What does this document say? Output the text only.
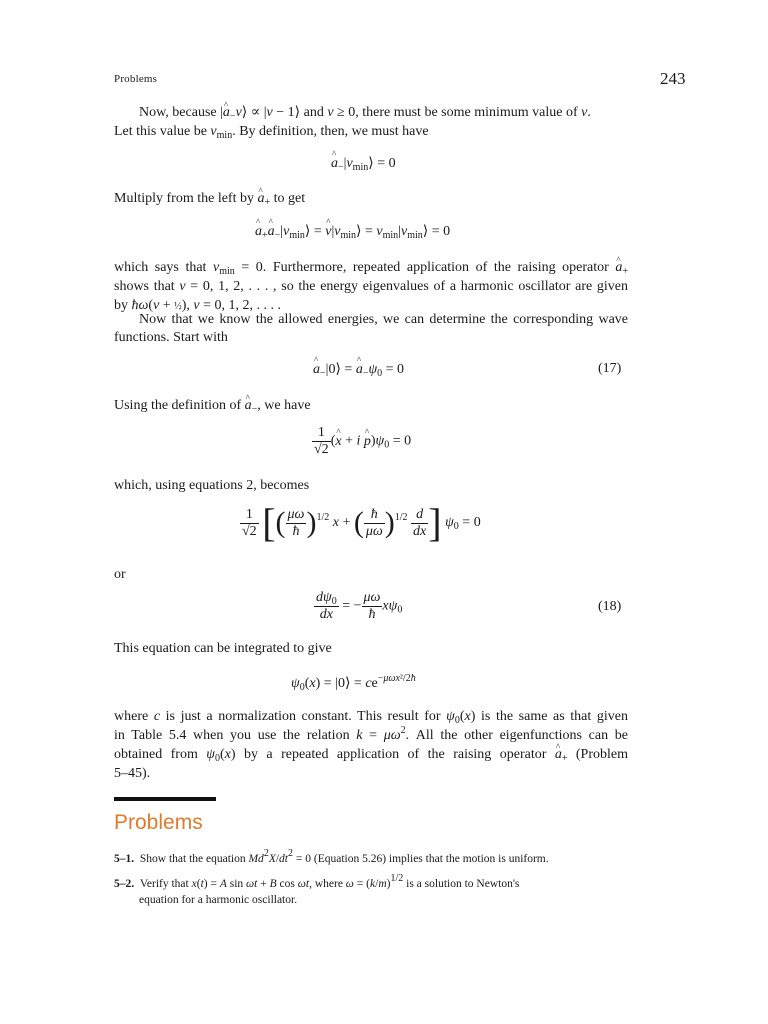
Problems	243
Now, because |^ $a_-v⟩ \propto |v$ − 1⟩ and v ≥ 0, there must be some minimum value of v.
Let this value be $v_{min}$. By definition, then, we must have
^ $a_-|v_{min}⟩ = 0$
Multiply from the left by ^ $a_+$ to get
^ $a_+\^{}$ $a_-|v_{min}⟩$ = ^ $v|v_{min}⟩$ = $v_{min}|v_{min}⟩ = 0$
which says that $v_{min} = 0$. Furthermore, repeated application of the raising operator ^ $a_+$
shows that v = 0, 1, 2, . . . , so the energy eigenvalues of a harmonic oscillator are given
by ħω(v + ½), v = 0, 1, 2, . . . .
Now that we know the allowed energies, we can determine the corresponding wave
functions. Start with
^ $a_-|0⟩$ = ^ $a_-\psi_0 = 0$	(17)
Using the definition of ^ $a_-$, we have
$\frac{1}{√2}$ (^ x + i ^ $p)\psi_0 = 0$
which, using equations 2, becomes
$\frac{1}{√2}$ [( $\frac{\mu\omega}{ħ} )^{1/2}$ x + ( $\frac{ħ}{\mu\omega} )^{1/2} \frac{d}{dx}$ ] $\psi_0 = 0$
or
$\frac{d\psi_0}{dx}$ = − $\frac{\mu\omega}{ħ} x\psi_0$	(18)
This equation can be integrated to give
$\psi_0(x)$ = |0⟩ = $ce^{-\mu\omega x^2/2ħ}$
where c is just a normalization constant. This result for $\psi_0(x)$ is the same as that given
in Table 5.4 when you use the relation $k = \mu\omega^2$. All the other eigenfunctions can be
obtained from $\psi_0(x)$ by a repeated application of the raising operator ^ $a_+$ (Problem
5–45).
Problems
5–1.  Show that the equation $Md^2X/dt^2 = 0$ (Equation 5.26) implies that the motion is uniform.
5–2.  Verify that x(t) = A sin ωt + B cos ωt, where $\omega = (k/m)^{1/2}$ is a solution to Newton's
equation for a harmonic oscillator.
